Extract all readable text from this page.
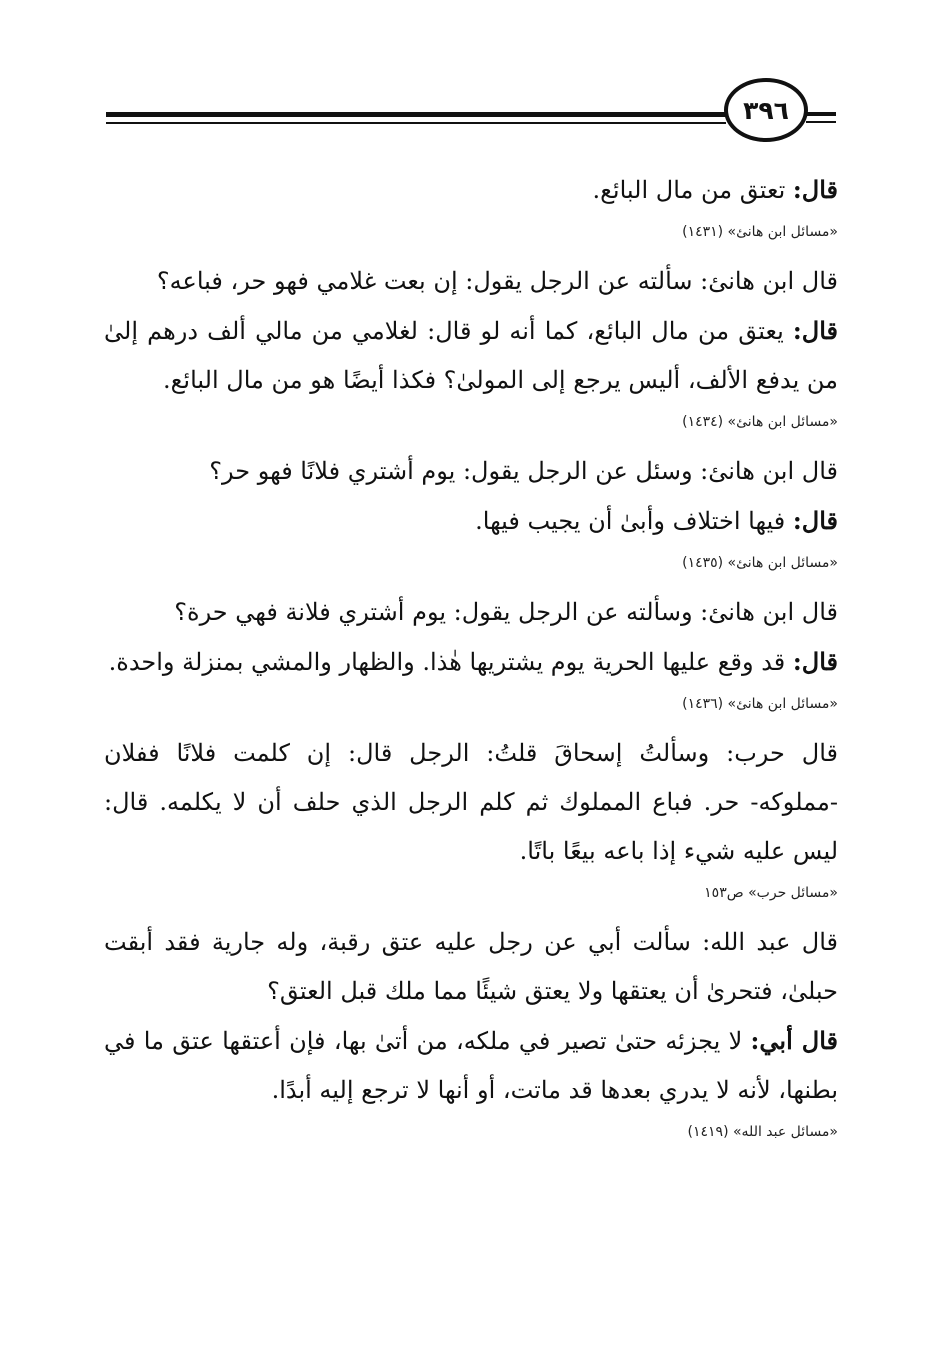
٣٩٦

قال: تعتق من مال البائع.

«مسائل ابن هانئ» (١٤٣١)

قال ابن هانئ: سألته عن الرجل يقول: إن بعت غلامي فهو حر، فباعه؟

قال: يعتق من مال البائع، كما أنه لو قال: لغلامي من مالي ألف درهم إلىٰ من يدفع الألف، أليس يرجع إلى المولىٰ؟ فكذا أيضًا هو من مال البائع.

«مسائل ابن هانئ» (١٤٣٤)

قال ابن هانئ: وسئل عن الرجل يقول: يوم أشتري فلانًا فهو حر؟

قال: فيها اختلاف وأبىٰ أن يجيب فيها.

«مسائل ابن هانئ» (١٤٣٥)

قال ابن هانئ: وسألته عن الرجل يقول: يوم أشتري فلانة فهي حرة؟

قال: قد وقع عليها الحرية يوم يشتريها هٰذا. والظهار والمشي بمنزلة واحدة.

«مسائل ابن هانئ» (١٤٣٦)

قال حرب: وسألتُ إسحاقَ قلتُ: الرجل قال: إن كلمت فلانًا ففلان -مملوكه- حر. فباع المملوك ثم كلم الرجل الذي حلف أن لا يكلمه. قال: ليس عليه شيء إذا باعه بيعًا باتًا.

«مسائل حرب» ص١٥٣

قال عبد الله: سألت أبي عن رجل عليه عتق رقبة، وله جارية فقد أبقت حبلىٰ، فتحرىٰ أن يعتقها ولا يعتق شيئًا مما ملك قبل العتق؟

قال أبي: لا يجزئه حتىٰ تصير في ملكه، من أتىٰ بها، فإن أعتقها عتق ما في بطنها، لأنه لا يدري بعدها قد ماتت، أو أنها لا ترجع إليه أبدًا.

«مسائل عبد الله» (١٤١٩)
